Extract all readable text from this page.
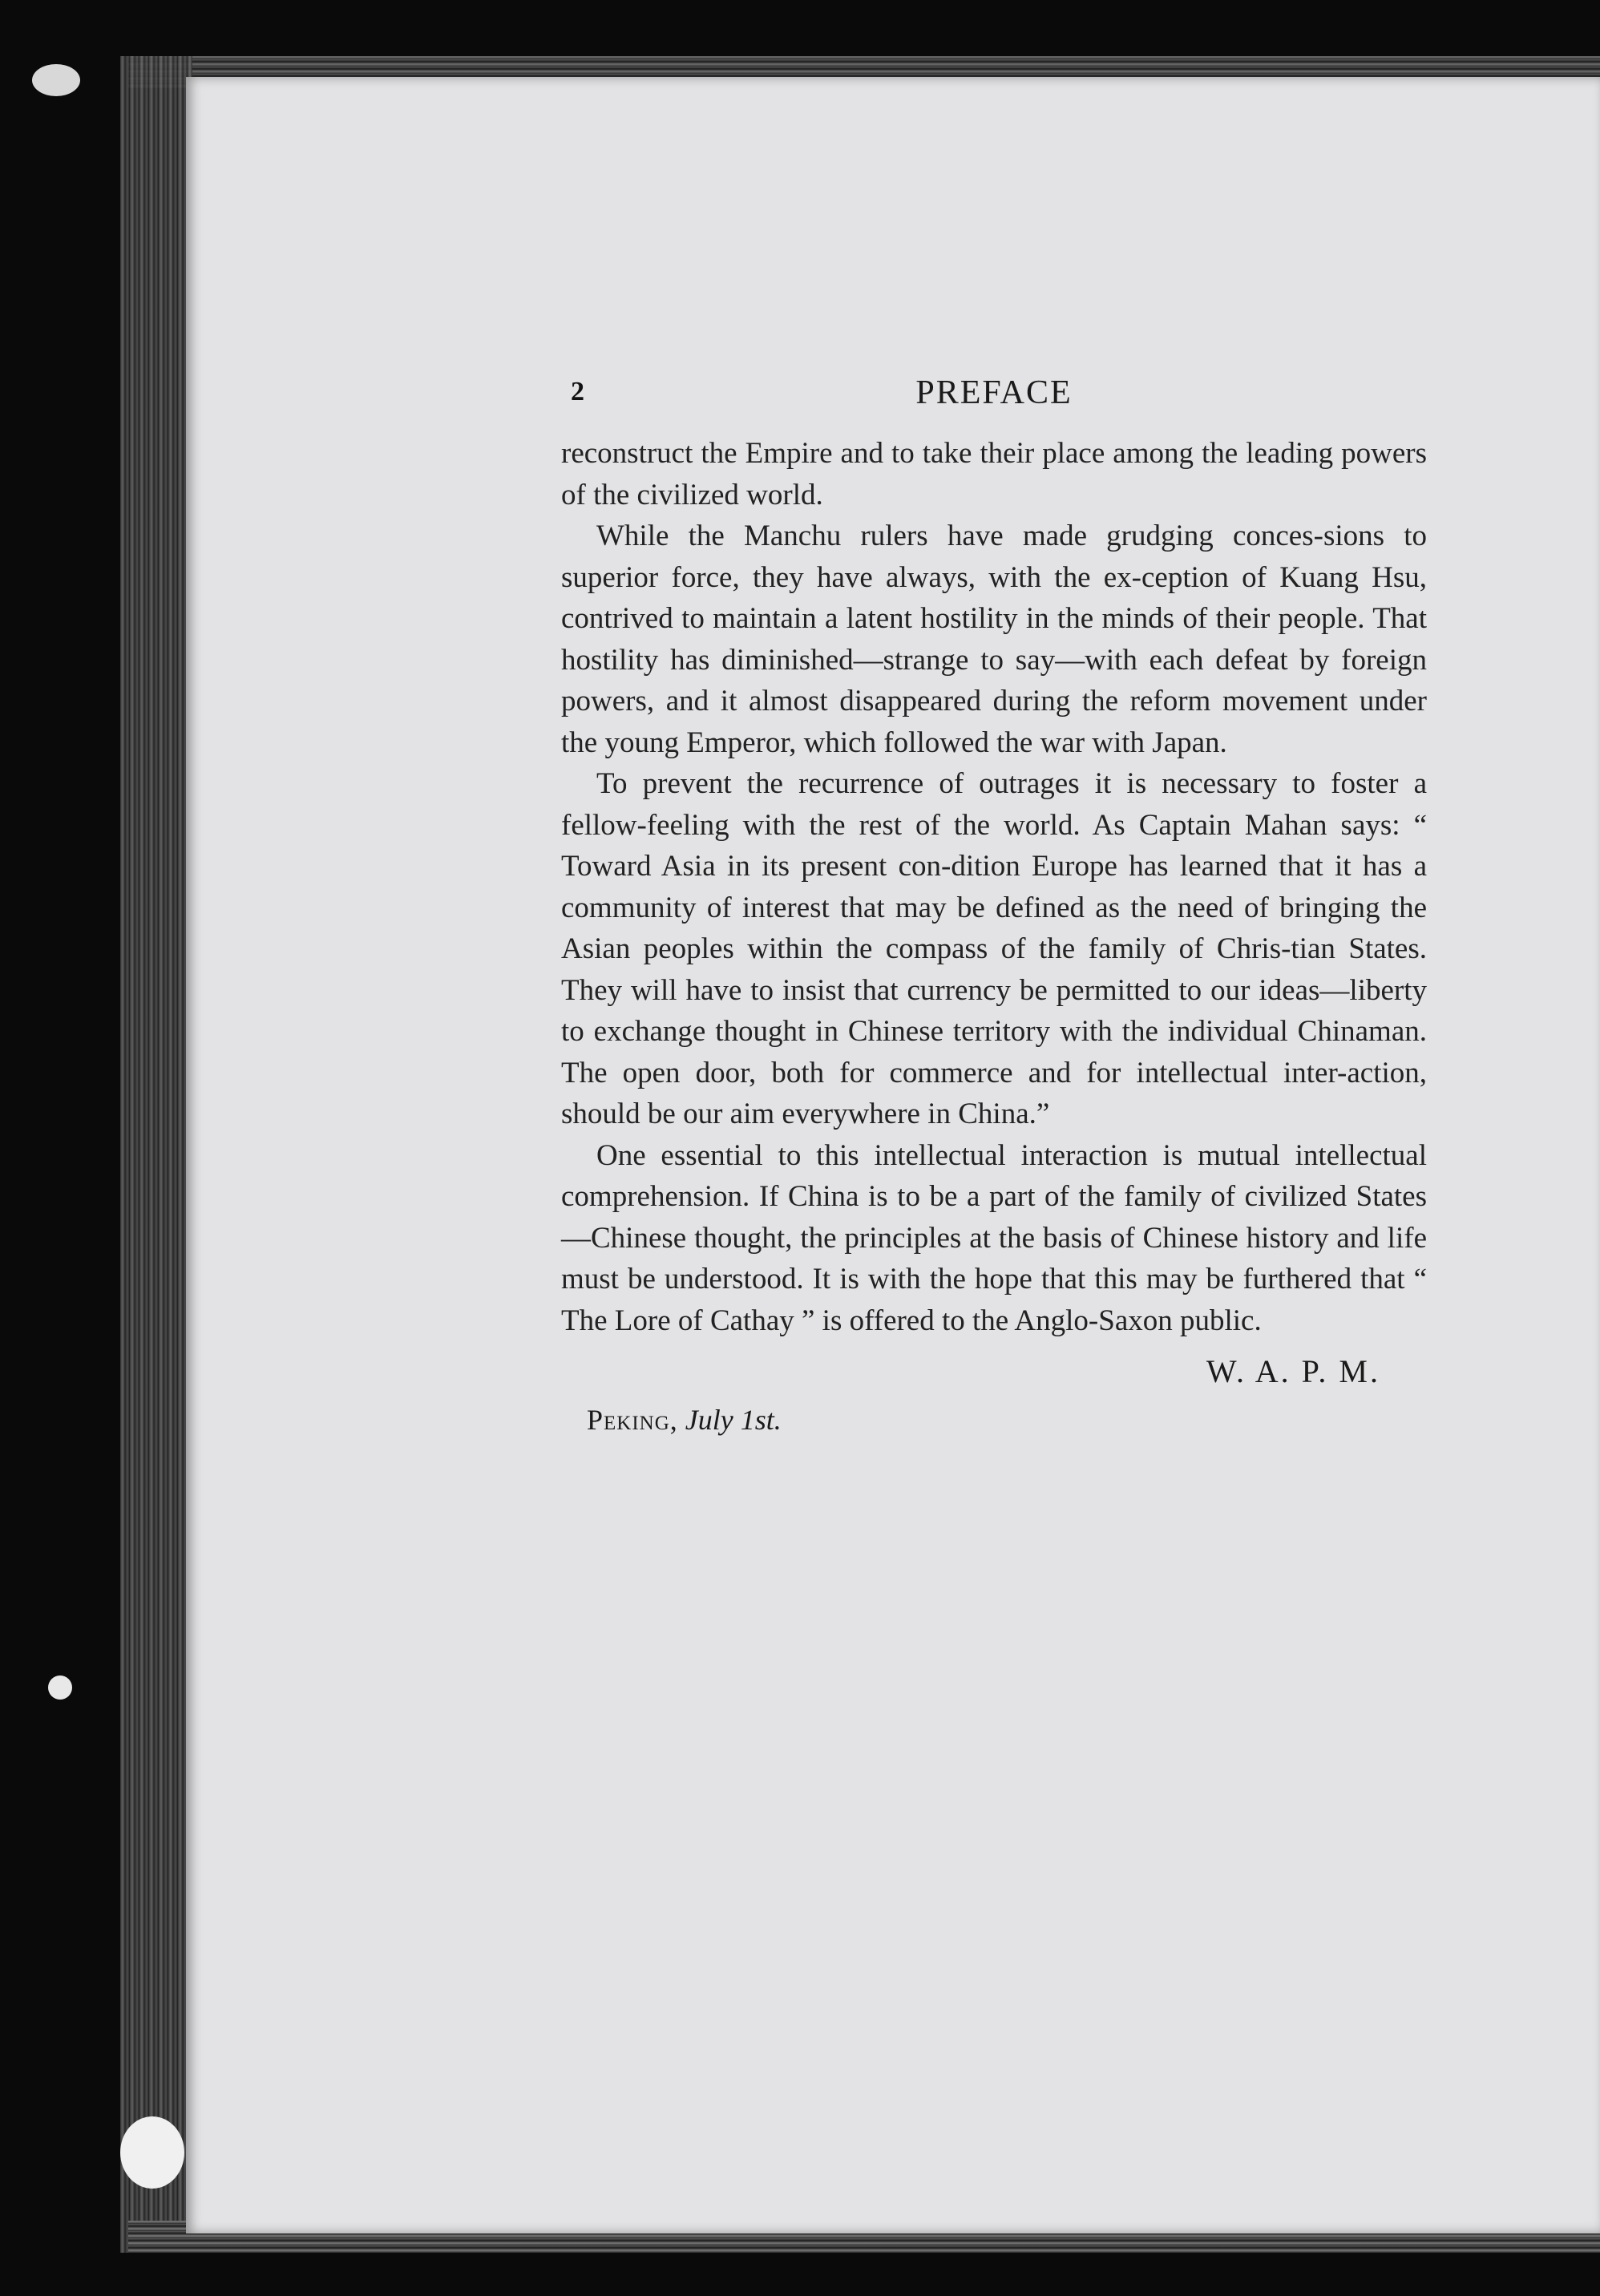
2	PREFACE

reconstruct the Empire and to take their place among the leading powers of the civilized world.

While the Manchu rulers have made grudging conces-sions to superior force, they have always, with the ex-ception of Kuang Hsu, contrived to maintain a latent hostility in the minds of their people. That hostility has diminished—strange to say—with each defeat by foreign powers, and it almost disappeared during the reform movement under the young Emperor, which followed the war with Japan.

To prevent the recurrence of outrages it is necessary to foster a fellow-feeling with the rest of the world. As Captain Mahan says: “ Toward Asia in its present con-dition Europe has learned that it has a community of interest that may be defined as the need of bringing the Asian peoples within the compass of the family of Chris-tian States. They will have to insist that currency be permitted to our ideas—liberty to exchange thought in Chinese territory with the individual Chinaman. The open door, both for commerce and for intellectual inter-action, should be our aim everywhere in China.”

One essential to this intellectual interaction is mutual intellectual comprehension. If China is to be a part of the family of civilized States—Chinese thought, the principles at the basis of Chinese history and life must be understood. It is with the hope that this may be furthered that “ The Lore of Cathay ” is offered to the Anglo-Saxon public.

W. A. P. M.
Peking, July 1st.
